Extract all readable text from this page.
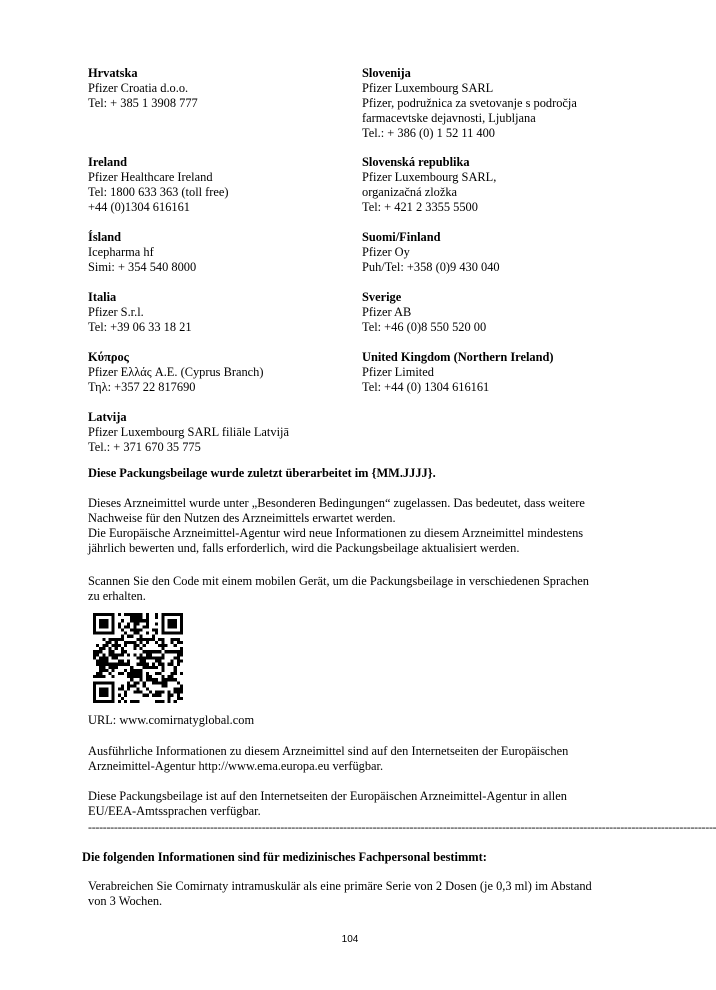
Hrvatska
Pfizer Croatia d.o.o.
Tel: + 385 1 3908 777
Ireland
Pfizer Healthcare Ireland
Tel: 1800 633 363 (toll free)
+44 (0)1304 616161
Ísland
Icepharma hf
Simi: + 354 540 8000
Italia
Pfizer S.r.l.
Tel: +39 06 33 18 21
Κύπρος
Pfizer Ελλάς A.E. (Cyprus Branch)
Τηλ: +357 22 817690
Latvija
Pfizer Luxembourg SARL filiāle Latvijā
Tel.: + 371 670 35 775
Slovenija
Pfizer Luxembourg SARL
Pfizer, podružnica za svetovanje s področja
farmacevtske dejavnosti, Ljubljana
Tel.: + 386 (0) 1 52 11 400
Slovenská republika
Pfizer Luxembourg SARL,
organizačná zložka
Tel: + 421 2 3355 5500
Suomi/Finland
Pfizer Oy
Puh/Tel: +358 (0)9 430 040
Sverige
Pfizer AB
Tel: +46 (0)8 550 520 00
United Kingdom (Northern Ireland)
Pfizer Limited
Tel: +44 (0) 1304 616161
Diese Packungsbeilage wurde zuletzt überarbeitet im {MM.JJJJ}.
Dieses Arzneimittel wurde unter „Besonderen Bedingungen“ zugelassen. Das bedeutet, dass weitere
Nachweise für den Nutzen des Arzneimittels erwartet werden.
Die Europäische Arzneimittel-Agentur wird neue Informationen zu diesem Arzneimittel mindestens
jährlich bewerten und, falls erforderlich, wird die Packungsbeilage aktualisiert werden.
Scannen Sie den Code mit einem mobilen Gerät, um die Packungsbeilage in verschiedenen Sprachen
zu erhalten.
URL: www.comirnatyglobal.com
Ausführliche Informationen zu diesem Arzneimittel sind auf den Internetseiten der Europäischen
Arzneimittel-Agentur http://www.ema.europa.eu verfügbar.
Diese Packungsbeilage ist auf den Internetseiten der Europäischen Arzneimittel-Agentur in allen
EU/EEA-Amtssprachen verfügbar.
--------------------------------------------------------------------------------------------------------------------------------------------------------------------------
Die folgenden Informationen sind für medizinisches Fachpersonal bestimmt:
Verabreichen Sie Comirnaty intramuskulär als eine primäre Serie von 2 Dosen (je 0,3 ml) im Abstand
von 3 Wochen.
104
